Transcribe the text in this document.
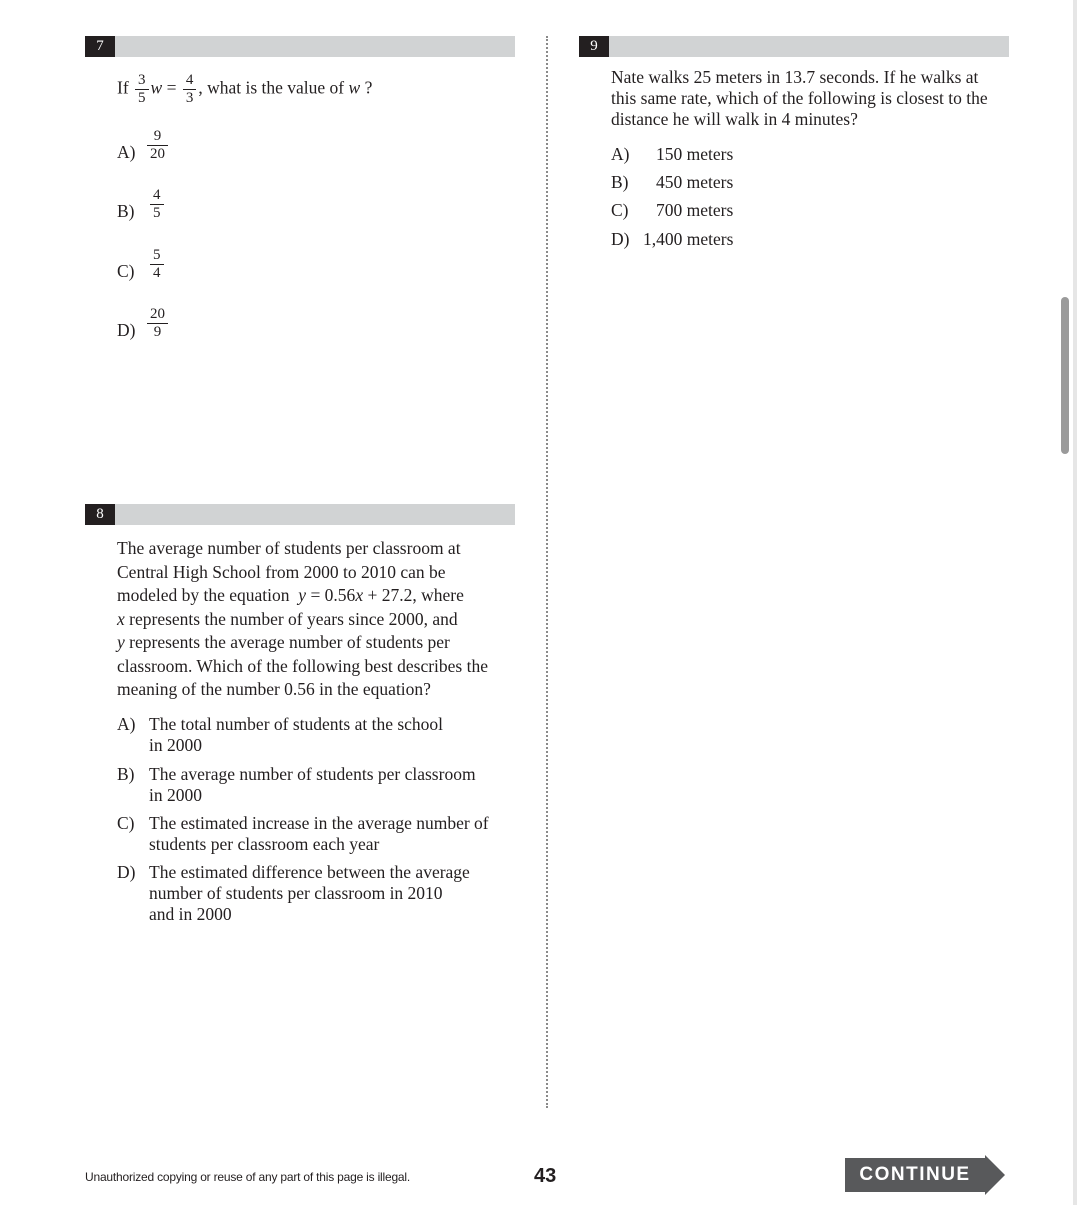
7
If $\frac{3}{5}$ $w = \frac{4}{3}$ , what is the value of w ?
$A) \frac{9}{20}$
$B) \frac{4}{5}$
$C) \frac{5}{4}$
$D) \frac{20}{9}$
8
The average number of students per classroom at
Central High School from 2000 to 2010 can be
modeled by the equation y = 0.56x + 27.2, where
x represents the number of years since 2000, and
y represents the average number of students per
classroom. Which of the following best describes the
meaning of the number 0.56 in the equation?
A) The total number of students at the school
in 2000
B) The average number of students per classroom
in 2000
C) The estimated increase in the average number of
students per classroom each year
D) The estimated difference between the average
number of students per classroom in 2010
and in 2000
9
Nate walks 25 meters in 13.7 seconds. If he walks at
this same rate, which of the following is closest to the
distance he will walk in 4 minutes?
A) 150 meters
B) 450 meters
C) 700 meters
D) 1,400 meters
Unauthorized copying or reuse of any part of this page is illegal.	43	CONTINUE
